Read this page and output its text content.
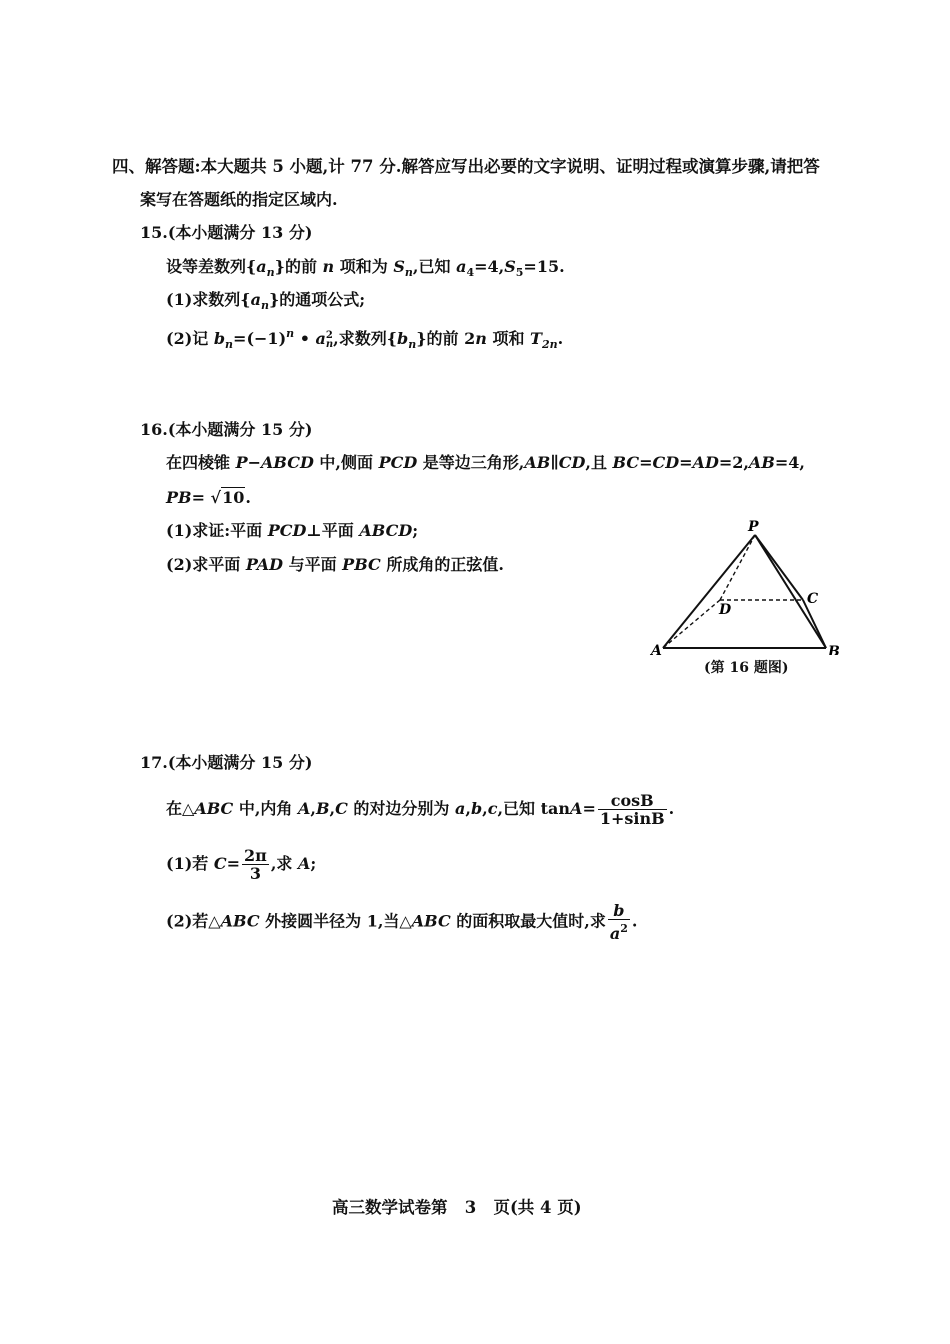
四、解答题:本大题共 5 小题,计 77 分.解答应写出必要的文字说明、证明过程或演算步骤,请把答
案写在答题纸的指定区域内.
15.(本小题满分 13 分)
设等差数列$\{a_n\}$的前 n 项和为 $S_n$,已知 $a_4=4,S_5=15$.
(1)求数列$\{a_n\}$的通项公式;
(2)记 $b_n=(-1)^n$ • a 2
n ,求数列$\{b_n\}$的前 2n 项和 $T_{2n}$.
16.(本小题满分 15 分)
在四棱锥 P−ABCD 中,侧面 PCD 是等边三角形,AB∥CD,且 BC=CD=AD=2,AB=4,
PB= √10.
(1)求证:平面 PCD⊥平面 ABCD;
(2)求平面 PAD 与平面 PBC 所成角的正弦值.
P
A	B
C
D
(第 16 题图)
17.(本小题满分 15 分)
在△ABC 中,内角 A,B,C 的对边分别为 a,b,c,已知 $\tan A= \frac{\cos B}{1+\sin B}$ .
(1)若 $C= \frac{2\pi}{3}$ ,求 A;
(2)若△ABC 外接圆半径为 1,当△ABC 的面积取最大值时,求 $\frac{b}{a^2}$ .
高三数学试卷第   3   页(共 4 页)
